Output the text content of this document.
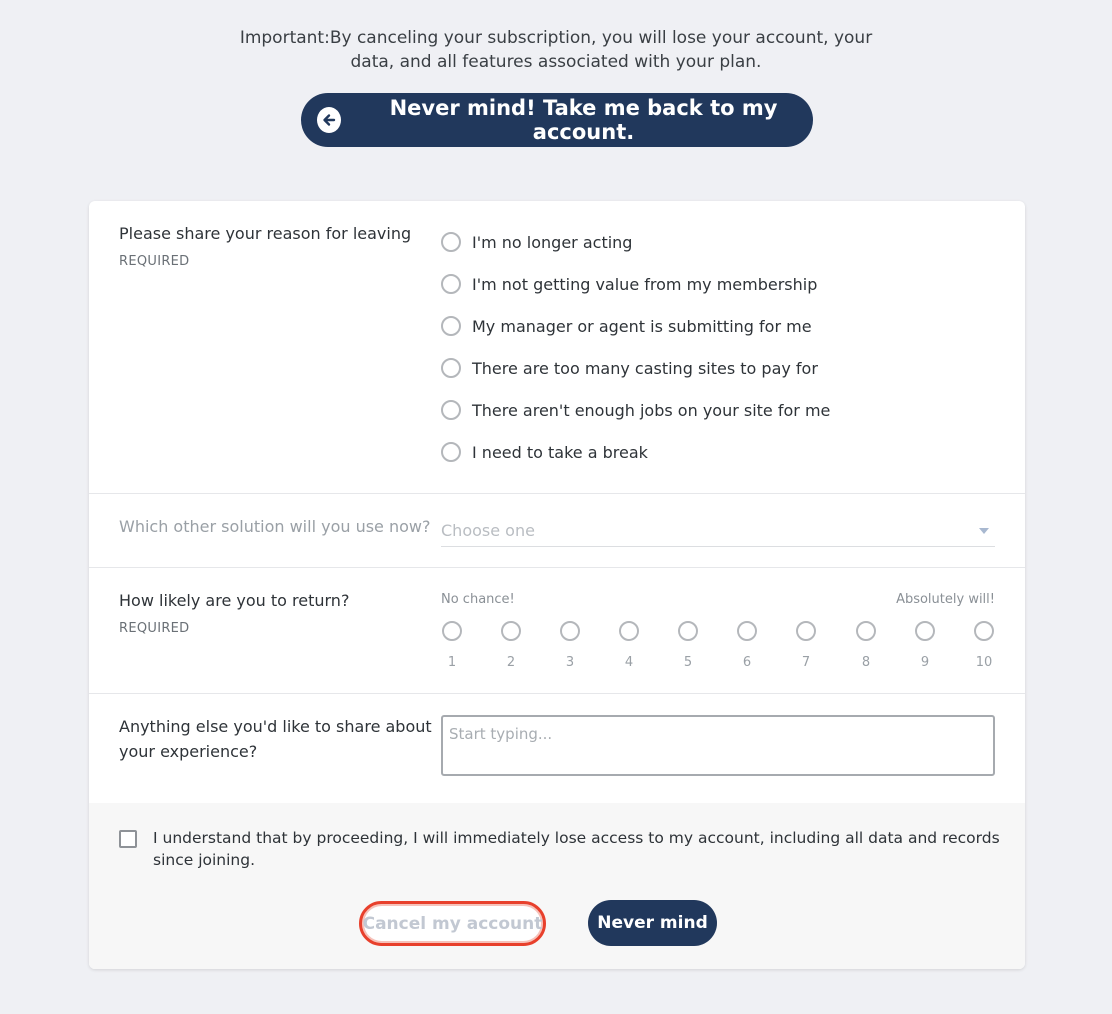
Important:By canceling your subscription, you will lose your account, your
data, and all features associated with your plan.
Never mind! Take me back to my account.
Please share your reason for leaving
REQUIRED
I'm no longer acting
I'm not getting value from my membership
My manager or agent is submitting for me
There are too many casting sites to pay for
There aren't enough jobs on your site for me
I need to take a break
Which other solution will you use now? Choose one
How likely are you to return?
REQUIRED
No chance!	Absolutely will!
1	2	3	4	5	6	7	8	9	10
Anything else you'd like to share about
your experience?
Start typing...
I understand that by proceeding, I will immediately lose access to my account, including all data and records since joining.
Cancel my account	Never mind
